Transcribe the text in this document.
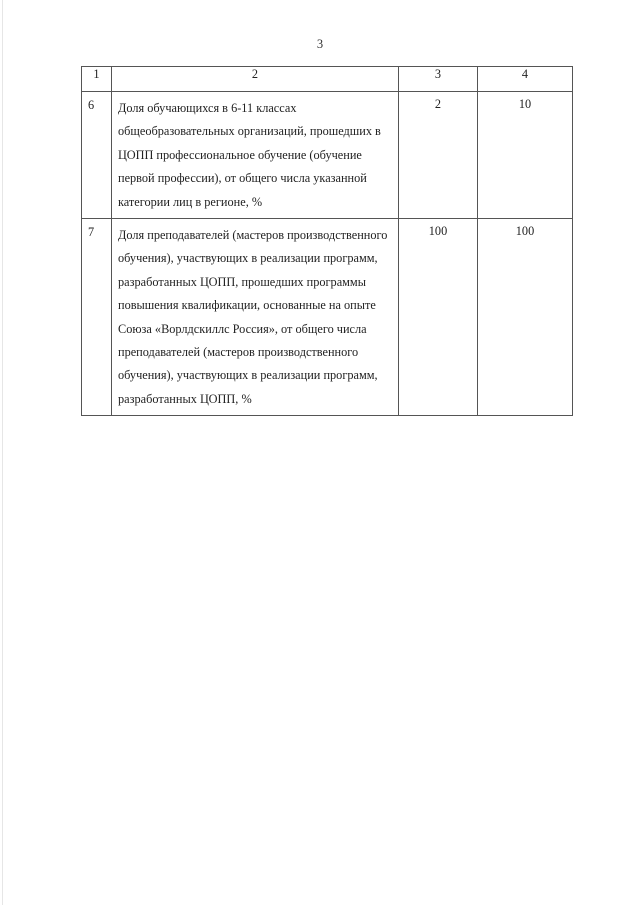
3
1	2	3	4
6	Доля обучающихся в 6-11 классах общеобразовательных организаций, прошедших в ЦОПП профессиональное обучение (обучение первой профессии), от общего числа указанной категории лиц в регионе, %	2	10
7	Доля преподавателей (мастеров производственного обучения), участвующих в реализации программ, разработанных ЦОПП, прошедших программы повышения квалификации, основанные на опыте Союза «Ворлдскиллс Россия», от общего числа преподавателей (мастеров производственного обучения), участвующих в реализации программ, разработанных ЦОПП, %	100	100
